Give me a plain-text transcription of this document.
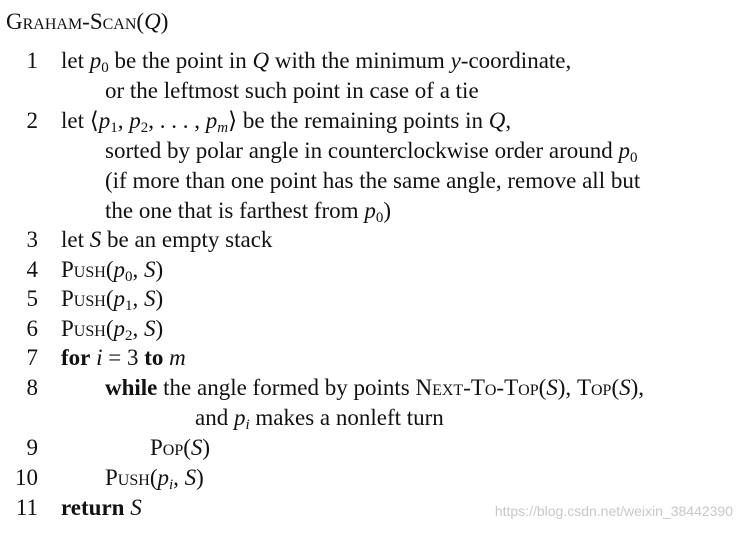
Graham-Scan(Q)
1 let $p_0$ be the point in Q with the minimum y-coordinate,
or the leftmost such point in case of a tie
2 let $⟨p_1$, $p_2$, . . . , $p_m⟩$ be the remaining points in Q,
sorted by polar angle in counterclockwise order around $p_0$
(if more than one point has the same angle, remove all but
the one that is farthest from $p_0$)
3 let S be an empty stack
4 $Push(p_0$, S)
5 $Push(p_1$, S)
6 $Push(p_2$, S)
7 for i = 3 to m
8	while the angle formed by points Next-To-Top(S), Top(S),
and $p_i$ makes a nonleft turn
9	Pop(S)
10	$Push(p_i$, S)
11 return S	https://blog.csdn.net/weixin_38442390
